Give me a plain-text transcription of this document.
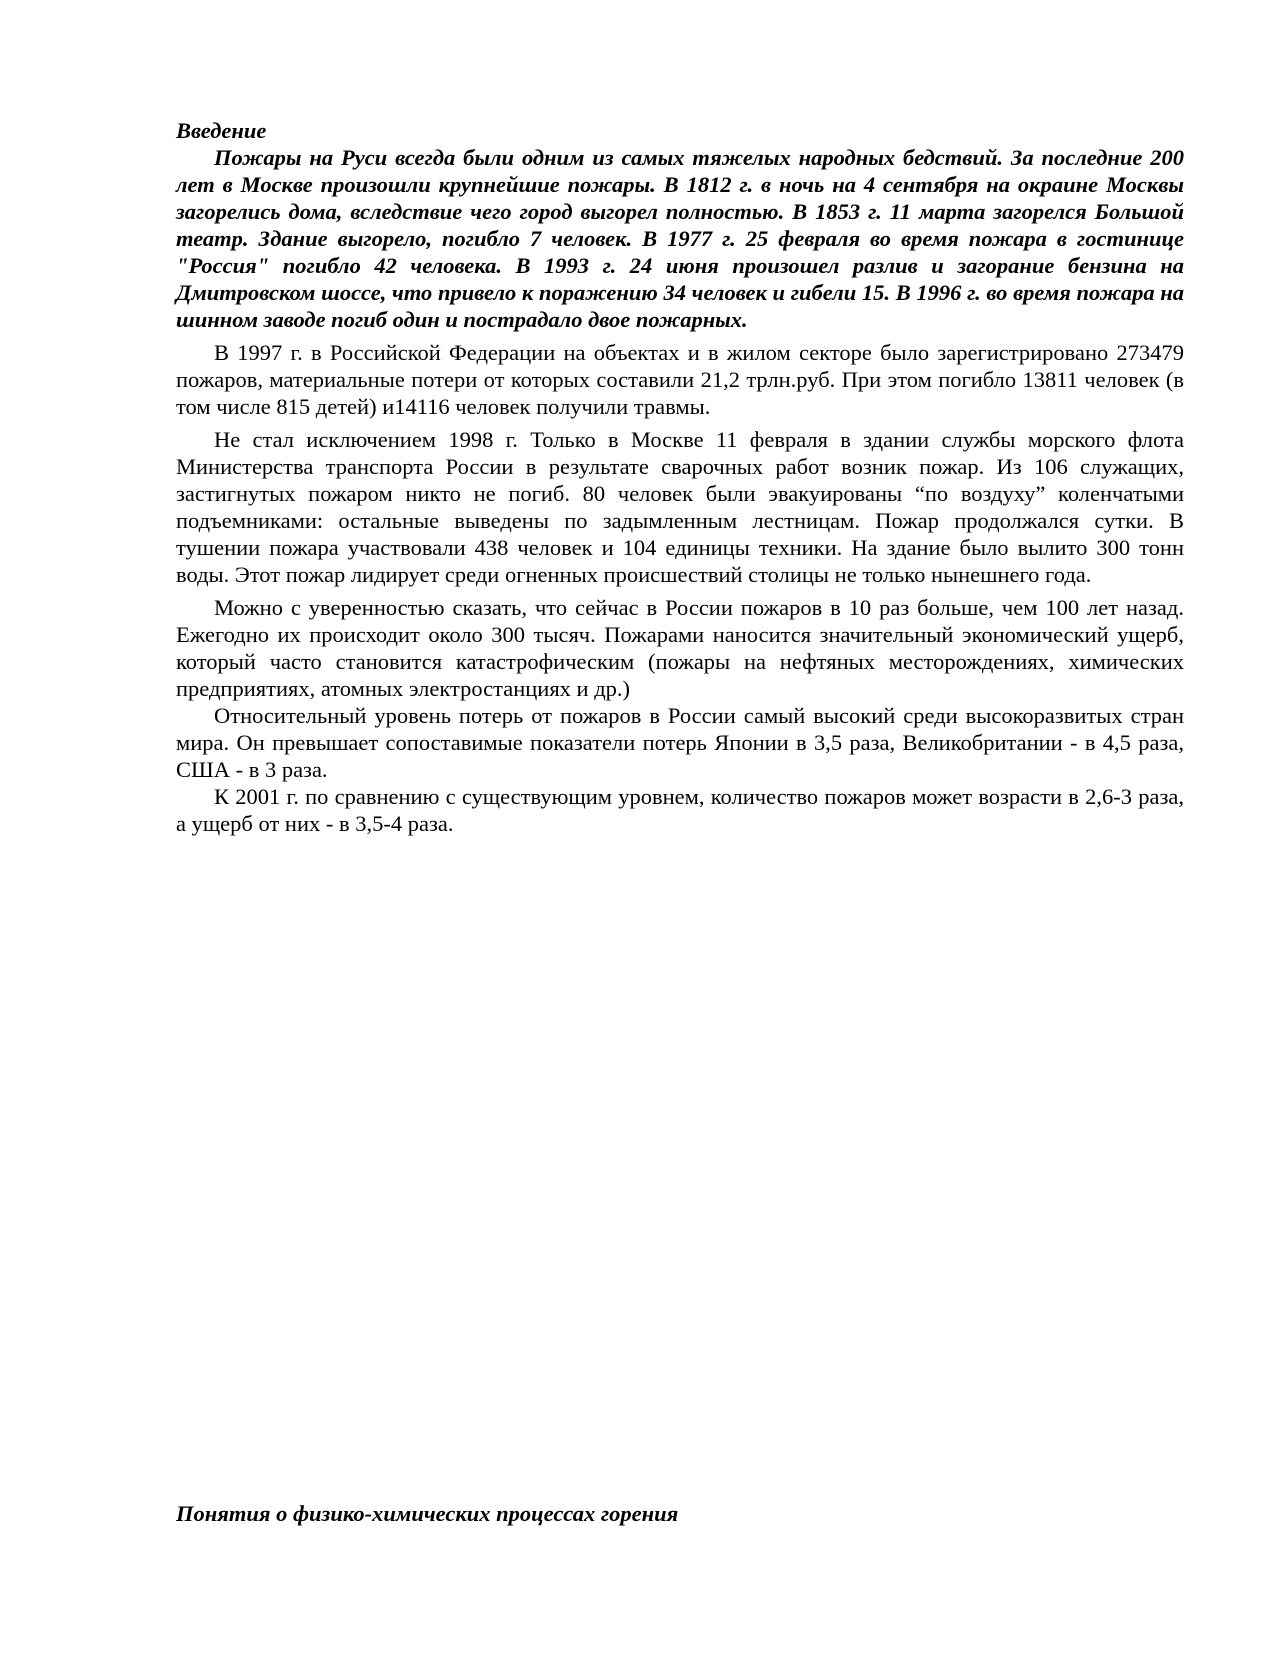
Введение

Пожары на Руси всегда были одним из самых тяжелых народных бедствий. За последние 200 лет в Москве произошли крупнейшие пожары. В 1812 г. в ночь на 4 сентября на окраине Москвы загорелись дома, вследствие чего город выгорел полностью. В 1853 г. 11 марта загорелся Большой театр. Здание выгорело, погибло 7 человек. В 1977 г. 25 февраля во время пожара в гостинице "Россия" погибло 42 человека. В 1993 г. 24 июня произошел разлив и загорание бензина на Дмитровском шоссе, что привело к поражению 34 человек и гибели 15. В 1996 г. во время пожара на шинном заводе погиб один и пострадало двое пожарных.

В 1997 г. в Российской Федерации на объектах и в жилом секторе было зарегистрировано 273479 пожаров, материальные потери от которых составили 21,2 трлн.руб. При этом погибло 13811 человек (в том числе 815 детей) и14116 человек получили травмы.

Не стал исключением 1998 г. Только в Москве 11 февраля в здании службы морского флота Министерства транспорта России в результате сварочных работ возник пожар. Из 106 служащих, застигнутых пожаром никто не погиб. 80 человек были эвакуированы “по воздуху” коленчатыми подъемниками: остальные выведены по задымленным лестницам. Пожар продолжался сутки. В тушении пожара участвовали 438 человек и 104 единицы техники. На здание было вылито 300 тонн воды. Этот пожар лидирует среди огненных происшествий столицы не только нынешнего года.

Можно с уверенностью сказать, что сейчас в России пожаров в 10 раз больше, чем 100 лет назад. Ежегодно их происходит около 300 тысяч. Пожарами наносится значительный экономический ущерб, который часто становится катастрофическим (пожары на нефтяных месторождениях, химических предприятиях, атомных электростанциях и др.)

Относительный уровень потерь от пожаров в России самый высокий среди высокоразвитых стран мира. Он превышает сопоставимые показатели потерь Японии в 3,5 раза, Великобритании - в 4,5 раза, США - в 3 раза.

К 2001 г. по сравнению с существующим уровнем, количество пожаров может возрасти в 2,6-3 раза, а ущерб от них - в 3,5-4 раза.

Понятия о физико-химических процессах горения
